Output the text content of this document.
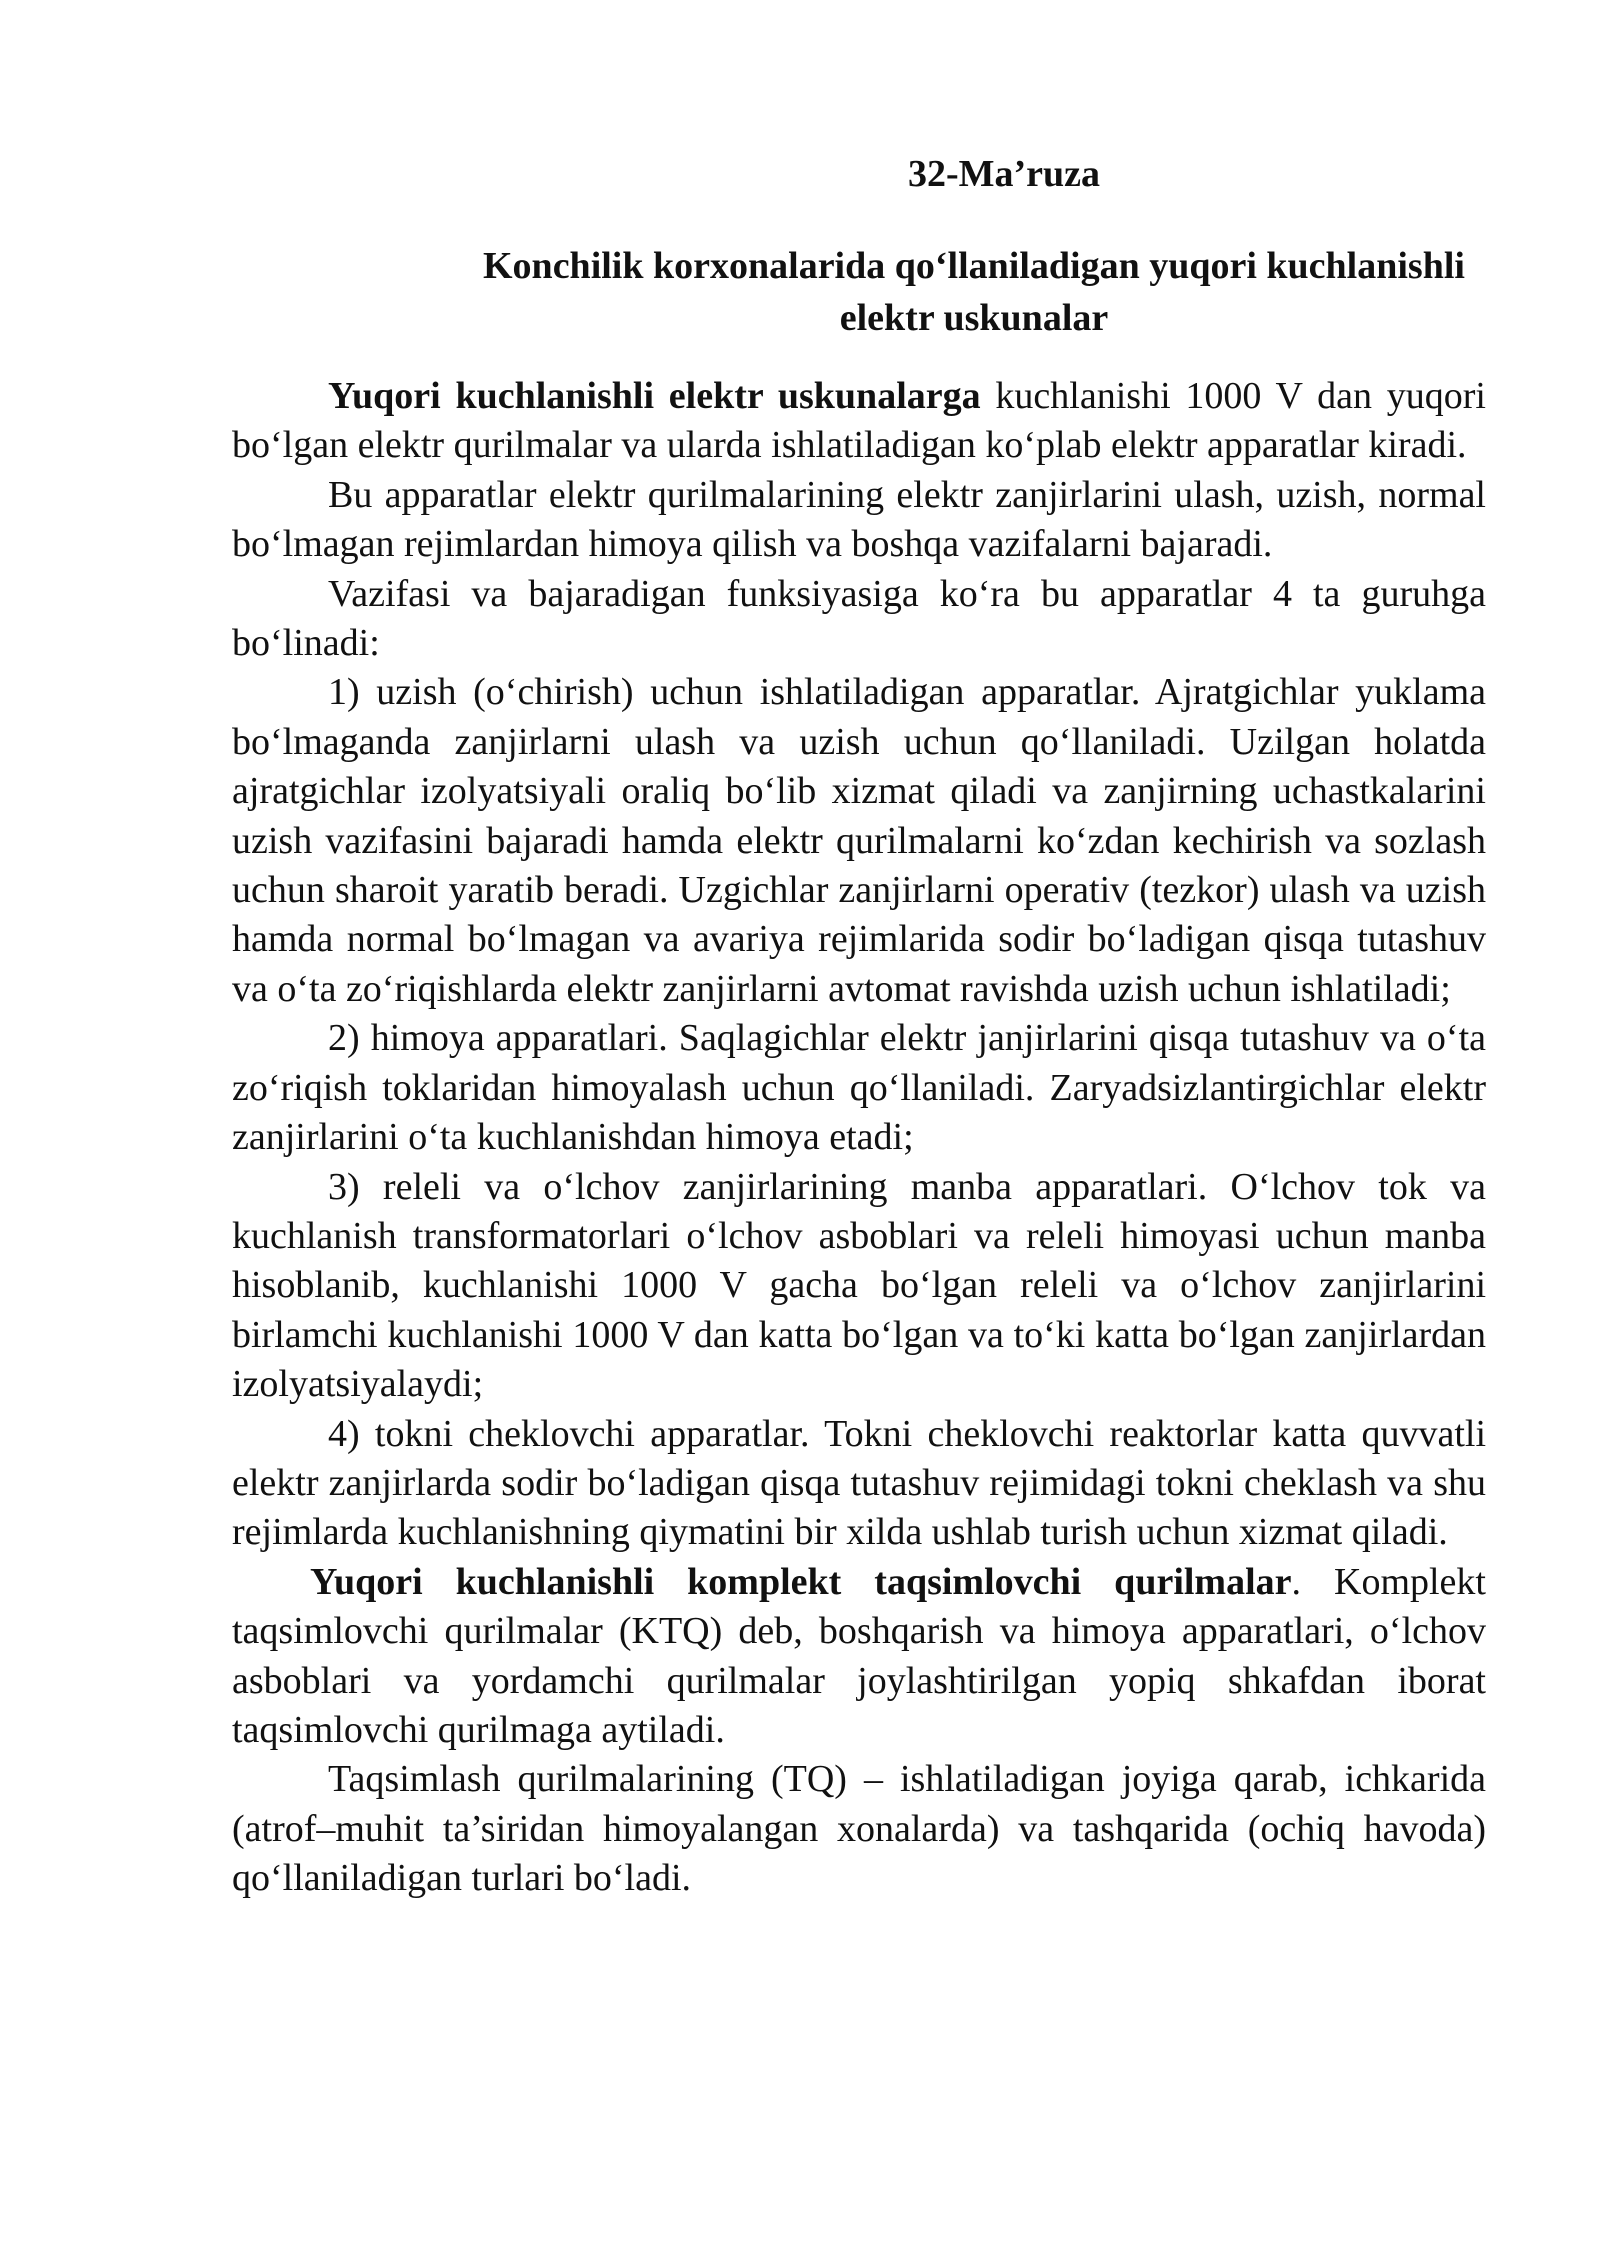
32-Ma’ruza
Konchilik korxonalarida qo‘llaniladigan yuqori kuchlanishli elektr uskunalar

Yuqori kuchlanishli elektr uskunalarga kuchlanishi 1000 V dan yuqori bo‘lgan elektr qurilmalar va ularda ishlatiladigan ko‘plab elektr apparatlar kiradi.

Bu apparatlar elektr qurilmalarining elektr zanjirlarini ulash, uzish, normal bo‘lmagan rejimlardan himoya qilish va boshqa vazifalarni bajaradi.

Vazifasi va bajaradigan funksiyasiga ko‘ra bu apparatlar 4 ta guruhga bo‘linadi:

1) uzish (o‘chirish) uchun ishlatiladigan apparatlar. Ajratgichlar yuklama bo‘lmaganda zanjirlarni ulash va uzish uchun qo‘llaniladi. Uzilgan holatda ajratgichlar izolyatsiyali oraliq bo‘lib xizmat qiladi va zanjirning uchastkalarini uzish vazifasini bajaradi hamda elektr qurilmalarni ko‘zdan kechirish va sozlash uchun sharoit yaratib beradi. Uzgichlar zanjirlarni operativ (tezkor) ulash va uzish hamda normal bo‘lmagan va avariya rejimlarida sodir bo‘ladigan qisqa tutashuv va o‘ta zo‘riqishlarda elektr zanjirlarni avtomat ravishda uzish uchun ishlatiladi;

2) himoya apparatlari. Saqlagichlar elektr janjirlarini qisqa tutashuv va o‘ta zo‘riqish toklaridan himoyalash uchun qo‘llaniladi. Zaryadsizlantirgichlar elektr zanjirlarini o‘ta kuchlanishdan himoya etadi;

3) releli va o‘lchov zanjirlarining manba apparatlari. O‘lchov tok va kuchlanish transformatorlari o‘lchov asboblari va releli himoyasi uchun manba hisoblanib, kuchlanishi 1000 V gacha bo‘lgan releli va o‘lchov zanjirlarini birlamchi kuchlanishi 1000 V dan katta bo‘lgan va to‘ki katta bo‘lgan zanjirlardan izolyatsiyalaydi;

4) tokni cheklovchi apparatlar. Tokni cheklovchi reaktorlar katta quvvatli elektr zanjirlarda sodir bo‘ladigan qisqa tutashuv rejimidagi tokni cheklash va shu rejimlarda kuchlanishning qiymatini bir xilda ushlab turish uchun xizmat qiladi.

Yuqori kuchlanishli komplekt taqsimlovchi qurilmalar. Komplekt taqsimlovchi qurilmalar (KTQ) deb, boshqarish va himoya apparatlari, o‘lchov asboblari va yordamchi qurilmalar joylashtirilgan yopiq shkafdan iborat taqsimlovchi qurilmaga aytiladi.

Taqsimlash qurilmalarining (TQ) – ishlatiladigan joyiga qarab, ichkarida (atrof–muhit ta’siridan himoyalangan xonalarda) va tashqarida (ochiq havoda) qo‘llaniladigan turlari bo‘ladi.
